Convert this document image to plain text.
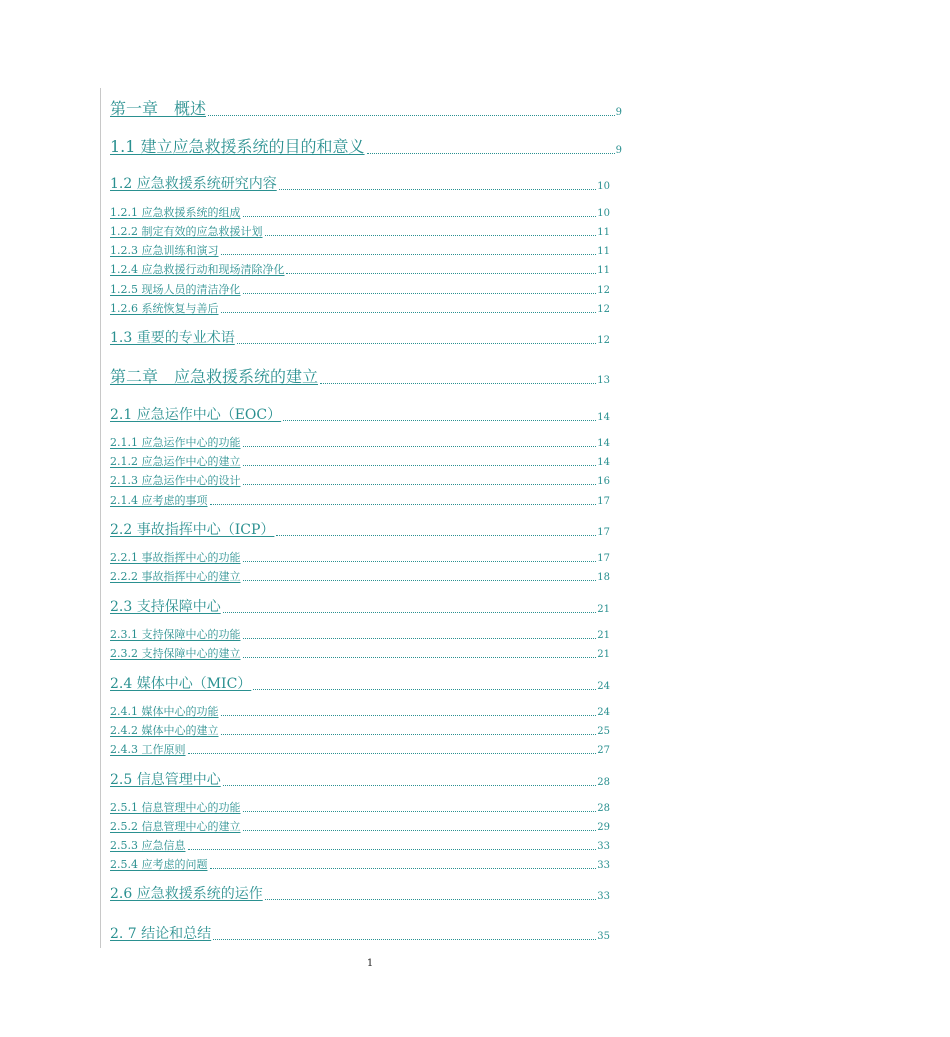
第一章　概述	9
1.1 建立应急救援系统的目的和意义	9
1.2 应急救援系统研究内容	10
1.2.1 应急救援系统的组成	10
1.2.2 制定有效的应急救援计划	11
1.2.3 应急训练和演习	11
1.2.4 应急救援行动和现场清除净化	11
1.2.5 现场人员的清洁净化	12
1.2.6 系统恢复与善后	12
1.3 重要的专业术语	12
第二章　应急救援系统的建立	13
2.1 应急运作中心（EOC）	14
2.1.1 应急运作中心的功能	14
2.1.2 应急运作中心的建立	14
2.1.3 应急运作中心的设计	16
2.1.4 应考虑的事项	17
2.2 事故指挥中心（ICP）	17
2.2.1 事故指挥中心的功能	17
2.2.2 事故指挥中心的建立	18
2.3 支持保障中心	21
2.3.1 支持保障中心的功能	21
2.3.2 支持保障中心的建立	21
2.4 媒体中心（MIC）	24
2.4.1 媒体中心的功能	24
2.4.2 媒体中心的建立	25
2.4.3 工作原则	27
2.5 信息管理中心	28
2.5.1 信息管理中心的功能	28
2.5.2 信息管理中心的建立	29
2.5.3 应急信息	33
2.5.4 应考虑的问题	33
2.6 应急救援系统的运作	33
2. 7 结论和总结	35
1
